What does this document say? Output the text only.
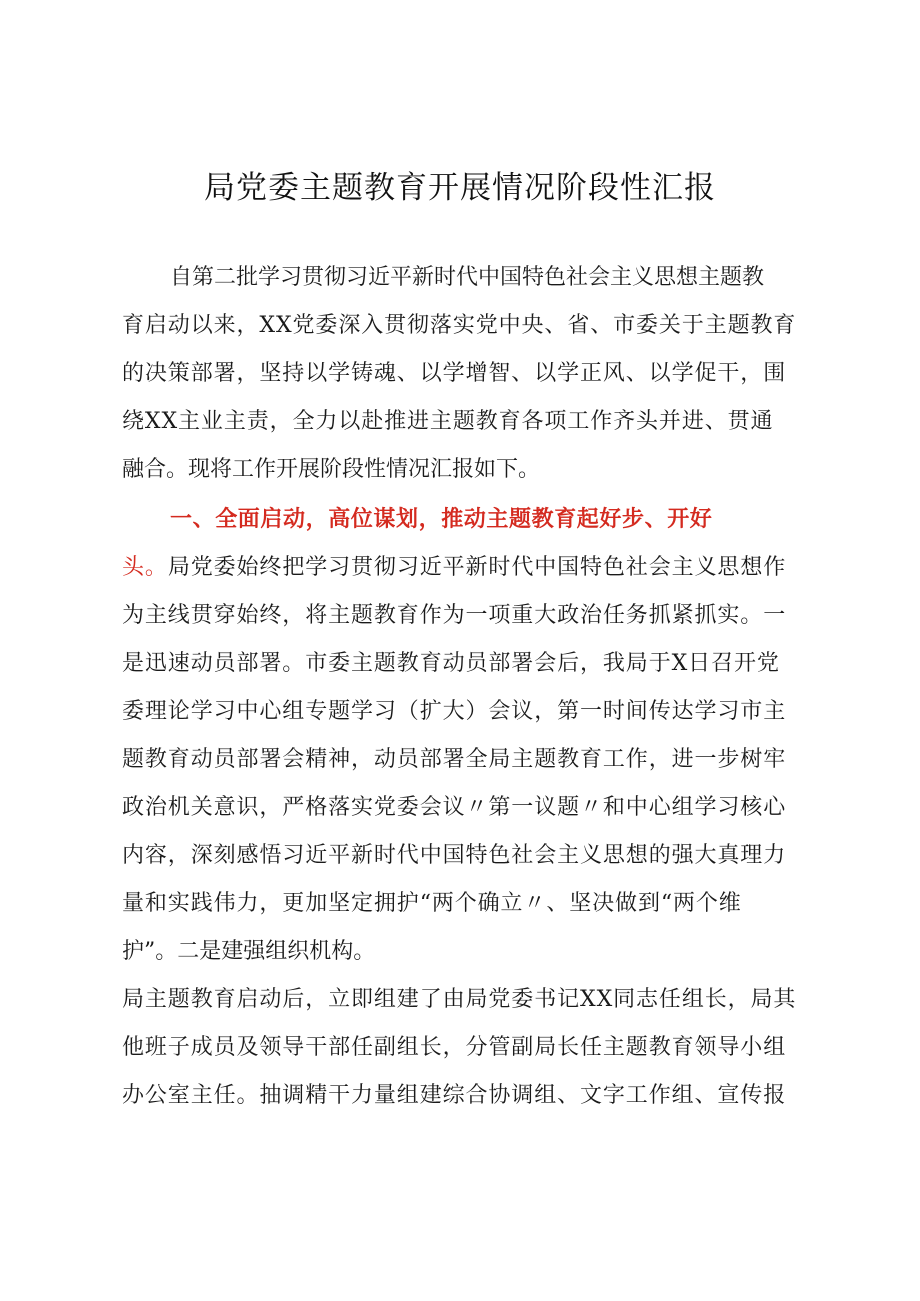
局党委主题教育开展情况阶段性汇报
自第二批学习贯彻习近平新时代中国特色社会主义思想主题教
育启动以来，XX党委深入贯彻落实党中央、省、市委关于主题教育
的决策部署，坚持以学铸魂、以学增智、以学正风、以学促干，围
绕XX主业主责，全力以赴推进主题教育各项工作齐头并进、贯通
融合。现将工作开展阶段性情况汇报如下。
一、全面启动，高位谋划，推动主题教育起好步、开好
头。局党委始终把学习贯彻习近平新时代中国特色社会主义思想作
为主线贯穿始终，将主题教育作为一项重大政治任务抓紧抓实。一
是迅速动员部署。市委主题教育动员部署会后，我局于X日召开党
委理论学习中心组专题学习（扩大）会议，第一时间传达学习市主
题教育动员部署会精神，动员部署全局主题教育工作，进一步树牢
政治机关意识，严格落实党委会议〃第一议题〃和中心组学习核心
内容，深刻感悟习近平新时代中国特色社会主义思想的强大真理力
量和实践伟力，更加坚定拥护“两个确立〃、坚决做到“两个维
护”。二是建强组织机构。
局主题教育启动后，立即组建了由局党委书记XX同志任组长，局其
他班子成员及领导干部任副组长，分管副局长任主题教育领导小组
办公室主任。抽调精干力量组建综合协调组、文字工作组、宣传报
